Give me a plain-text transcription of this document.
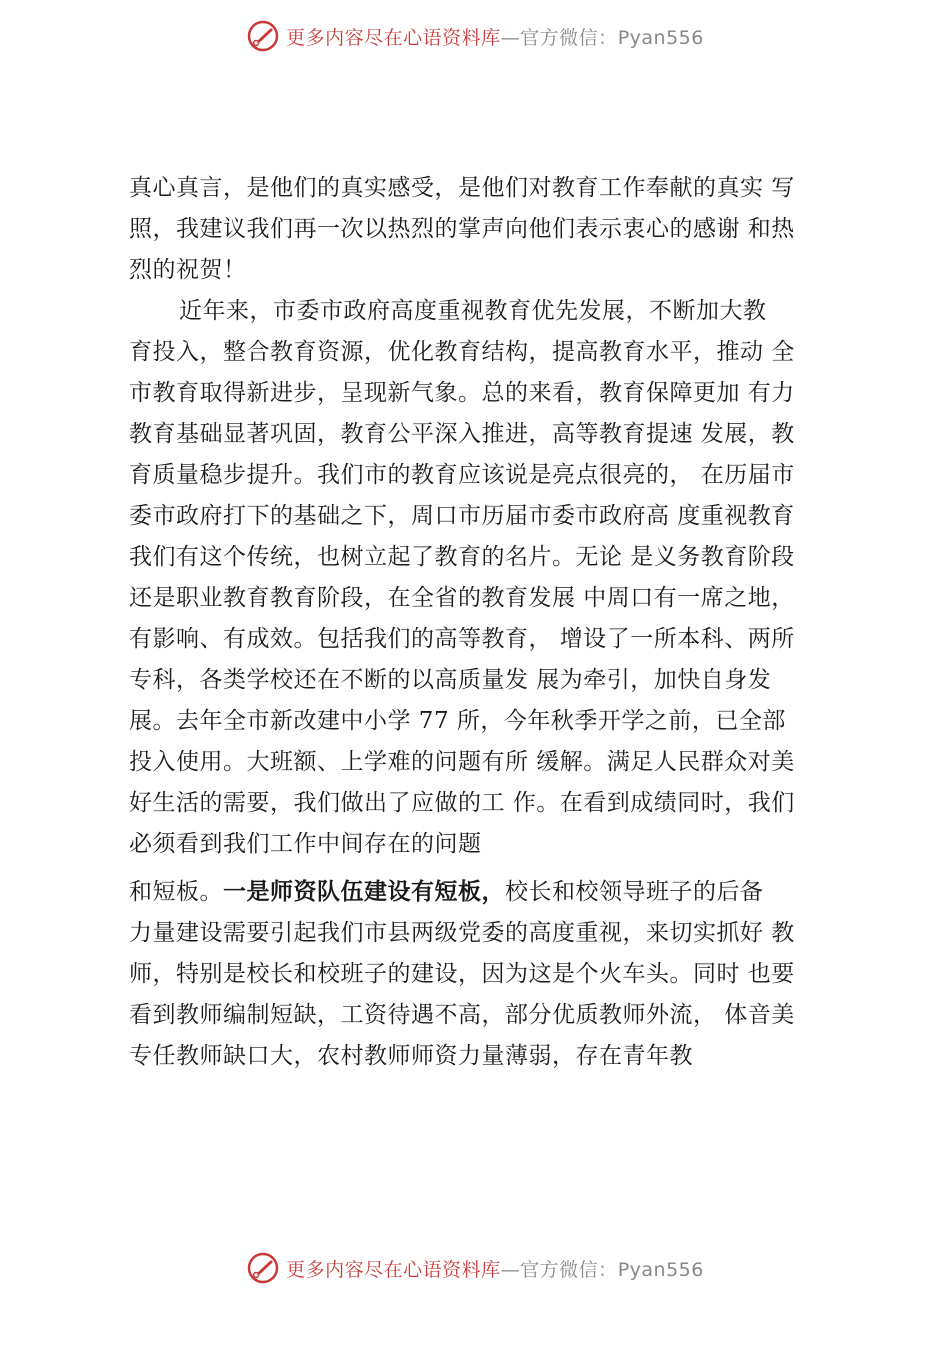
更多内容尽在心语资料库—官方微信：Pyan556
真心真言，是他们的真实感受，是他们对教育工作奉献的真实 写
照，我建议我们再一次以热烈的掌声向他们表示衷心的感谢 和热
烈的祝贺！
近年来，市委市政府高度重视教育优先发展，不断加大教
育投入，整合教育资源，优化教育结构，提高教育水平，推动 全
市教育取得新进步，呈现新气象。总的来看，教育保障更加 有力
教育基础显著巩固，教育公平深入推进，高等教育提速 发展，教
育质量稳步提升。我们市的教育应该说是亮点很亮的， 在历届市
委市政府打下的基础之下，周口市历届市委市政府高 度重视教育
我们有这个传统，也树立起了教育的名片。无论 是义务教育阶段
还是职业教育教育阶段，在全省的教育发展 中周口有一席之地，
有影响、有成效。包括我们的高等教育， 增设了一所本科、两所
专科，各类学校还在不断的以高质量发 展为牵引，加快自身发
展。去年全市新改建中小学 77 所，今年秋季开学之前，已全部
投入使用。大班额、上学难的问题有所 缓解。满足人民群众对美
好生活的需要，我们做出了应做的工 作。在看到成绩同时，我们
必须看到我们工作中间存在的问题
和短板。一是师资队伍建设有短板，校长和校领导班子的后备
力量建设需要引起我们市县两级党委的高度重视，来切实抓好 教
师，特别是校长和校班子的建设，因为这是个火车头。同时 也要
看到教师编制短缺，工资待遇不高，部分优质教师外流， 体音美
专任教师缺口大，农村教师师资力量薄弱，存在青年教
更多内容尽在心语资料库—官方微信：Pyan556
